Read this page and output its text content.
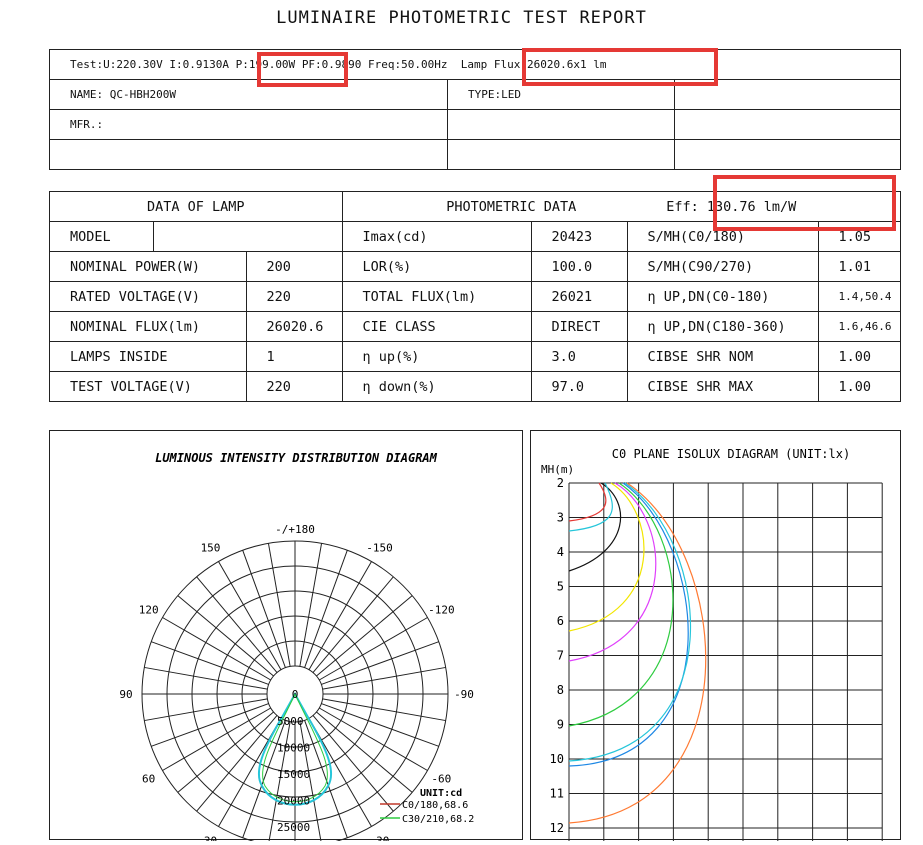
LUMINAIRE PHOTOMETRIC TEST REPORT
Test:U:220.30V I:0.9130A P:199.00W PF:0.9890 Freq:50.00Hz Lamp Flux:26020.6x1 lm		
NAME: QC-HBH200W	TYPE:LED	
MFR.:		

DATA OF LAMP			PHOTOMETRIC DATA Eff: 130.76 lm/W			
MODEL			Imax(cd)	20423	S/MH(C0/180)	1.05
NOMINAL POWER(W)		200	LOR(%)	100.0	S/MH(C90/270)	1.01
RATED VOLTAGE(V)		220	TOTAL FLUX(lm)	26021	η UP,DN(C0-180)	1.4,50.4
NOMINAL FLUX(lm)		26020.6	CIE CLASS	DIRECT	η UP,DN(C180-360)	1.6,46.6
LAMPS INSIDE		1	η up(%)	3.0	CIBSE SHR NOM	1.00
TEST VOLTAGE(V)		220	η down(%)	97.0	CIBSE SHR MAX	1.00
LUMINOUS INTENSITY DISTRIBUTION DIAGRAM
-/+180
-150
150
-120
120
-90
90
-60
60
-30
30
0
5000
10000
15000
20000
25000
UNIT:cd
C0/180,68.6
C30/210,68.2
C0 PLANE ISOLUX DIAGRAM (UNIT:lx)
MH(m)
2
3
4
5
6
7
8
9
10
11
12
